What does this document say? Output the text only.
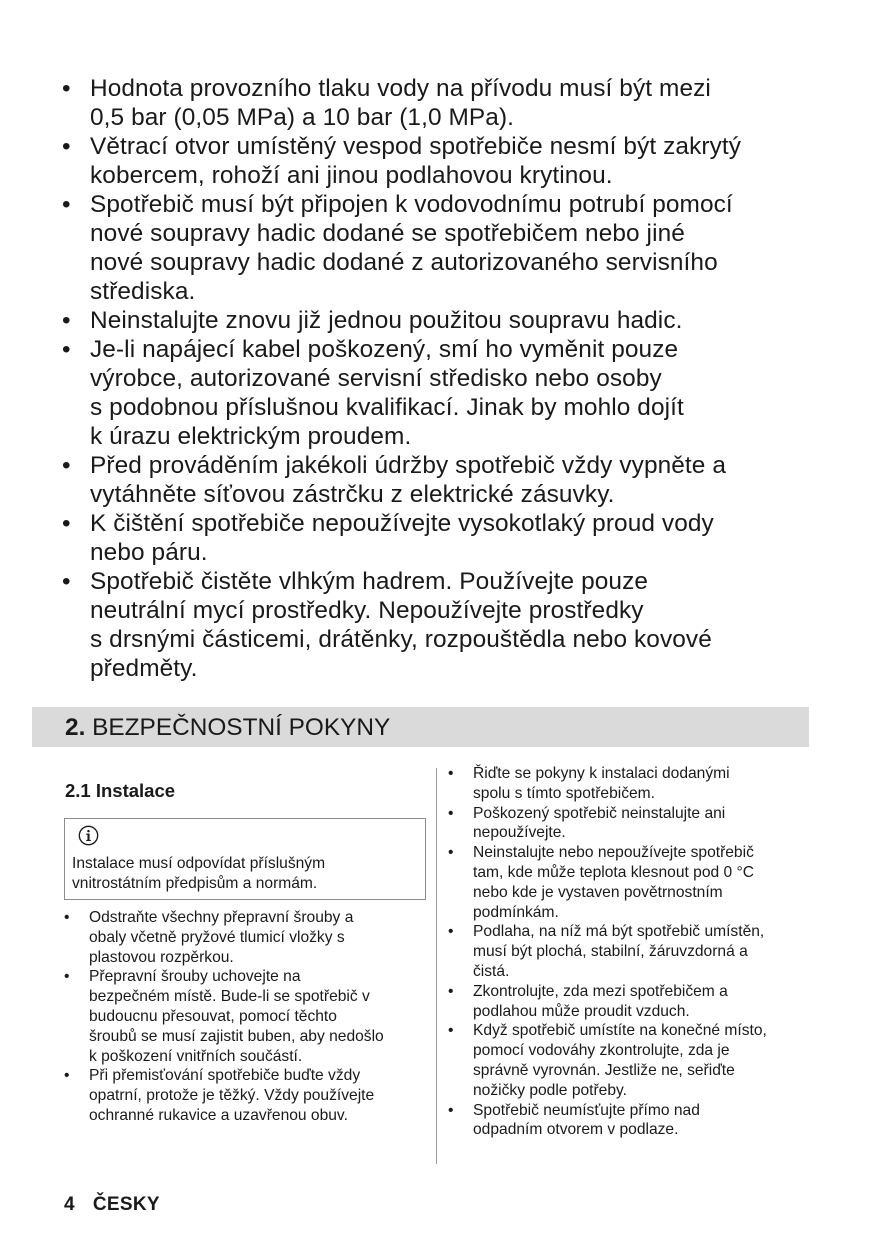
• Hodnota provozního tlaku vody na přívodu musí být mezi
0,5 bar (0,05 MPa) a 10 bar (1,0 MPa).
• Větrací otvor umístěný vespod spotřebiče nesmí být zakrytý
kobercem, rohoží ani jinou podlahovou krytinou.
• Spotřebič musí být připojen k vodovodnímu potrubí pomocí
nové soupravy hadic dodané se spotřebičem nebo jiné
nové soupravy hadic dodané z autorizovaného servisního
střediska.
• Neinstalujte znovu již jednou použitou soupravu hadic.
• Je-li napájecí kabel poškozený, smí ho vyměnit pouze
výrobce, autorizované servisní středisko nebo osoby
s podobnou příslušnou kvalifikací. Jinak by mohlo dojít
k úrazu elektrickým proudem.
• Před prováděním jakékoli údržby spotřebič vždy vypněte a
vytáhněte síťovou zástrčku z elektrické zásuvky.
• K čištění spotřebiče nepoužívejte vysokotlaký proud vody
nebo páru.
• Spotřebič čistěte vlhkým hadrem. Používejte pouze
neutrální mycí prostředky. Nepoužívejte prostředky
s drsnými částicemi, drátěnky, rozpouštědla nebo kovové
předměty.
2. BEZPEČNOSTNÍ POKYNY
2.1 Instalace
Instalace musí odpovídat příslušným
vnitrostátním předpisům a normám.
• Odstraňte všechny přepravní šrouby a
obaly včetně pryžové tlumicí vložky s
plastovou rozpěrkou.
• Přepravní šrouby uchovejte na
bezpečném místě. Bude-li se spotřebič v
budoucnu přesouvat, pomocí těchto
šroubů se musí zajistit buben, aby nedošlo
k poškození vnitřních součástí.
• Při přemisťování spotřebiče buďte vždy
opatrní, protože je těžký. Vždy používejte
ochranné rukavice a uzavřenou obuv.
• Řiďte se pokyny k instalaci dodanými
spolu s tímto spotřebičem.
• Poškozený spotřebič neinstalujte ani
nepoužívejte.
• Neinstalujte nebo nepoužívejte spotřebič
tam, kde může teplota klesnout pod 0 °C
nebo kde je vystaven povětrnostním
podmínkám.
• Podlaha, na níž má být spotřebič umístěn,
musí být plochá, stabilní, žáruvzdorná a
čistá.
• Zkontrolujte, zda mezi spotřebičem a
podlahou může proudit vzduch.
• Když spotřebič umístíte na konečné místo,
pomocí vodováhy zkontrolujte, zda je
správně vyrovnán. Jestliže ne, seřiďte
nožičky podle potřeby.
• Spotřebič neumísťujte přímo nad
odpadním otvorem v podlaze.
4 ČESKY
